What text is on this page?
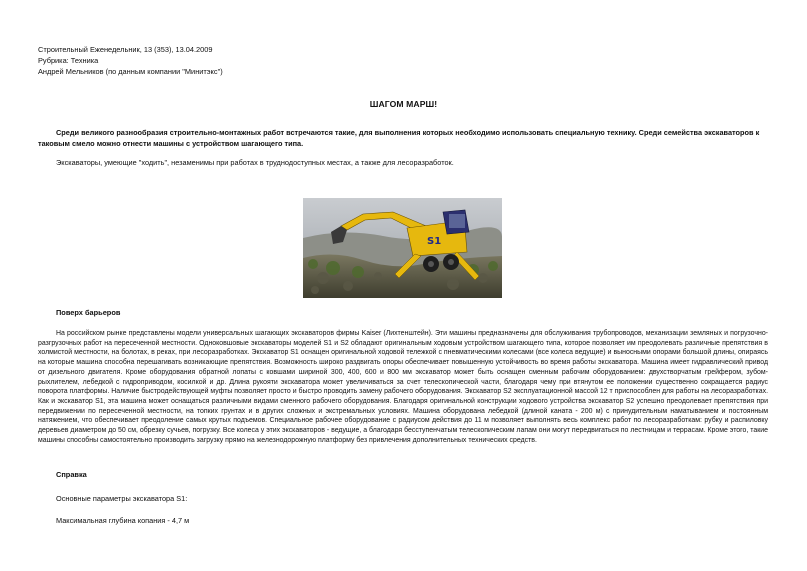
Строительный Еженедельник, 13 (353), 13.04.2009
Рубрика: Техника
Андрей Мельников (по данным компании "Минитэкс")
ШАГОМ МАРШ!
Среди великого разнообразия строительно-монтажных работ встречаются такие, для выполнения которых необходимо использовать специальную технику. Среди семейства экскаваторов к таковым смело можно отнести машины с устройством шагающего типа.
Экскаваторы, умеющие "ходить", незаменимы при работах в труднодоступных местах, а также для лесоразработок.
S1
Поверх барьеров
На российском рынке представлены модели универсальных шагающих экскаваторов фирмы Kaiser (Лихтенштейн). Эти машины предназначены для обслуживания трубопроводов, механизации земляных и погрузочно-разгрузочных работ на пересеченной местности. Одноковшовые экскаваторы моделей S1 и S2 обладают оригинальным ходовым устройством шагающего типа, которое позволяет им преодолевать различные препятствия в холмистой местности, на болотах, в реках, при лесоразработках. Экскаватор S1 оснащен оригинальной ходовой тележкой с пневматическими колесами (все колеса ведущие) и выносными опорами большой длины, опираясь на которые машина способна перешагивать возникающие препятствия. Возможность широко раздвигать опоры обеспечивает повышенную устойчивость во время работы экскаватора. Машина имеет гидравлический привод от дизельного двигателя. Кроме оборудования обратной лопаты с ковшами шириной 300, 400, 600 и 800 мм экскаватор может быть оснащен сменным рабочим оборудованием: двухстворчатым грейфером, зубом-рыхлителем, лебедкой с гидроприводом, косилкой и др. Длина рукояти экскаватора может увеличиваться за счет телескопической части, благодаря чему при втянутом ее положении существенно сокращается радиус поворота платформы. Наличие быстродействующей муфты позволяет просто и быстро проводить замену рабочего оборудования. Экскаватор S2 эксплуатационной массой 12 т приспособлен для работы на лесоразработках. Как и экскаватор S1, эта машина может оснащаться различными видами сменного рабочего оборудования. Благодаря оригинальной конструкции ходового устройства экскаватор S2 успешно преодолевает препятствия при передвижении по пересеченной местности, на топких грунтах и в других сложных и экстремальных условиях. Машина оборудована лебедкой (длиной каната - 200 м) с принудительным наматыванием и постоянным натяжением, что обеспечивает преодоление самых крутых подъемов. Специальное рабочее оборудование с радиусом действия до 11 м позволяет выполнять весь комплекс работ по лесоразработкам: рубку и распиловку деревьев диаметром до 50 см, обрезку сучьев, погрузку. Все колеса у этих экскаваторов - ведущие, а благодаря бесступенчатым телескопическим лапам они могут передвигаться по лестницам и террасам. Кроме этого, такие машины способны самостоятельно производить загрузку прямо на железнодорожную платформу без привлечения дополнительных технических средств.
Справка
Основные параметры экскаватора S1:
Максимальная глубина копания - 4,7 м
